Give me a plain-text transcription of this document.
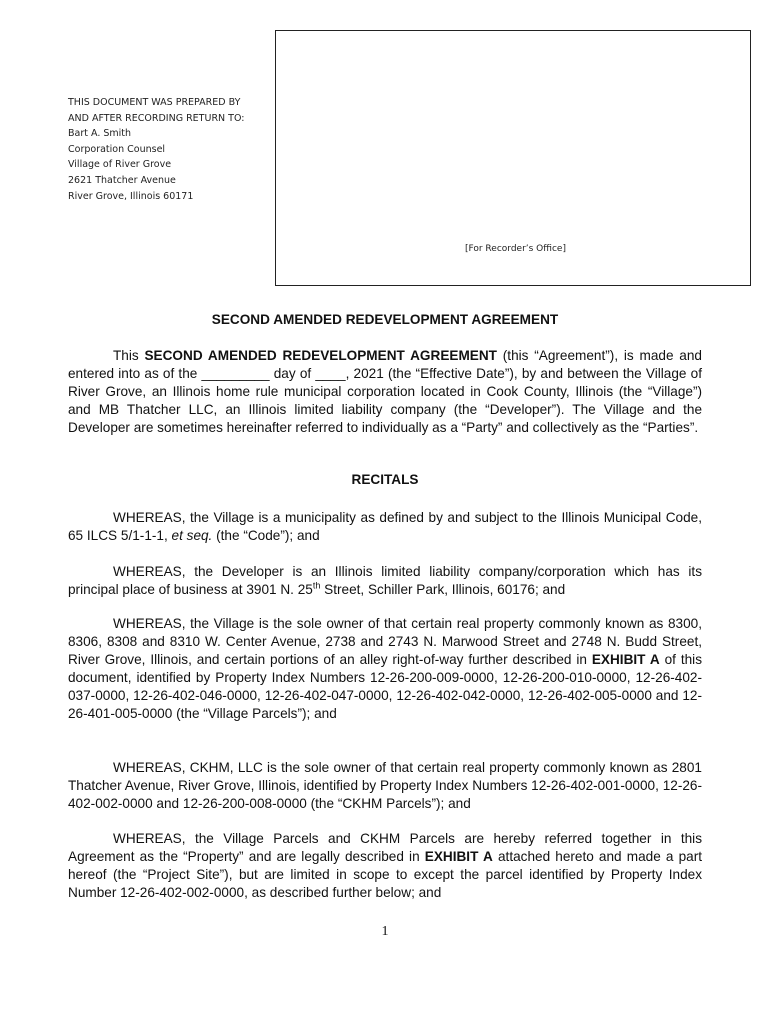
[For Recorder’s Office]
THIS DOCUMENT WAS PREPARED BY
AND AFTER RECORDING RETURN TO:
Bart A. Smith
Corporation Counsel
Village of River Grove
2621 Thatcher Avenue
River Grove, Illinois 60171
SECOND AMENDED REDEVELOPMENT AGREEMENT

This SECOND AMENDED REDEVELOPMENT AGREEMENT (this “Agreement”), is made and entered into as of the _________ day of ____, 2021 (the “Effective Date”), by and between the Village of River Grove, an Illinois home rule municipal corporation located in Cook County, Illinois (the “Village”) and MB Thatcher LLC, an Illinois limited liability company (the “Developer”). The Village and the Developer are sometimes hereinafter referred to individually as a “Party” and collectively as the “Parties”.

RECITALS

WHEREAS, the Village is a municipality as defined by and subject to the Illinois Municipal Code, 65 ILCS 5/1-1-1, et seq. (the “Code”); and

WHEREAS, the Developer is an Illinois limited liability company/corporation which has its principal place of business at 3901 N. 25th Street, Schiller Park, Illinois, 60176; and

WHEREAS, the Village is the sole owner of that certain real property commonly known as 8300, 8306, 8308 and 8310 W. Center Avenue, 2738 and 2743 N. Marwood Street and 2748 N. Budd Street, River Grove, Illinois, and certain portions of an alley right-of-way further described in EXHIBIT A of this document, identified by Property Index Numbers 12-26-200-009-0000, 12-26-200-010-0000, 12-26-402-037-0000, 12-26-402-046-0000, 12-26-402-047-0000, 12-26-402-042-0000, 12-26-402-005-0000 and 12-26-401-005-0000 (the “Village Parcels”); and

WHEREAS, CKHM, LLC is the sole owner of that certain real property commonly known as 2801 Thatcher Avenue, River Grove, Illinois, identified by Property Index Numbers 12-26-402-001-0000, 12-26-402-002-0000 and 12-26-200-008-0000 (the “CKHM Parcels”); and

WHEREAS, the Village Parcels and CKHM Parcels are hereby referred together in this Agreement as the “Property” and are legally described in EXHIBIT A attached hereto and made a part hereof (the “Project Site”), but are limited in scope to except the parcel identified by Property Index Number 12-26-402-002-0000, as described further below; and

1
